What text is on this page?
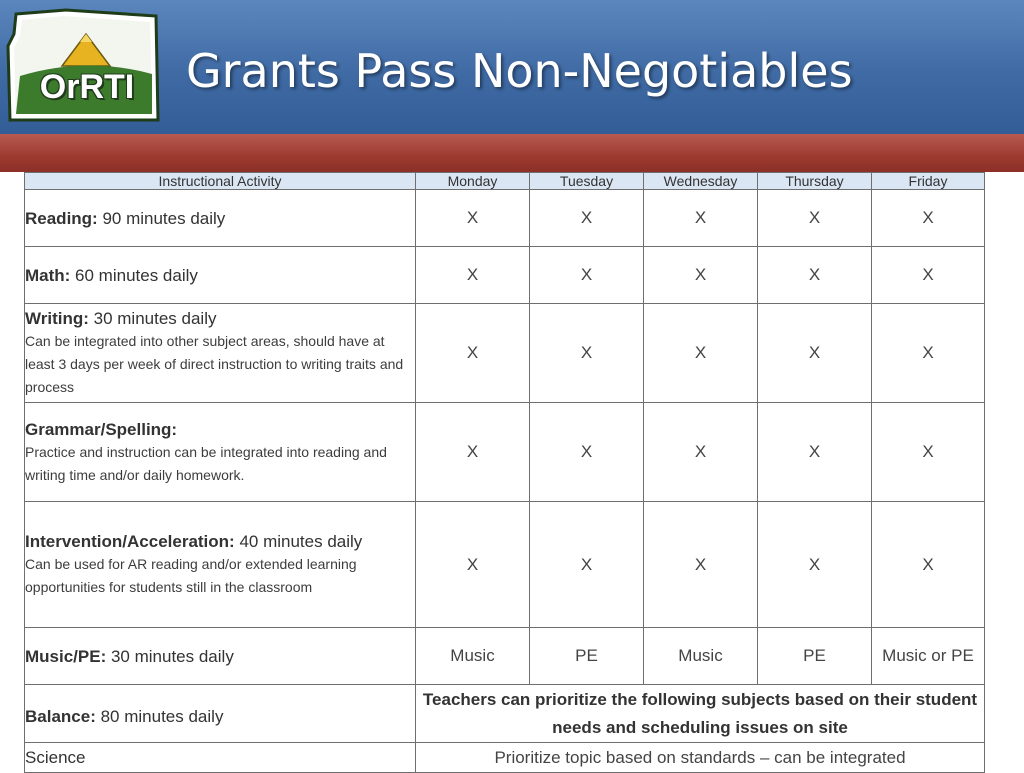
OrRTI	Grants Pass Non-Negotiables
Instructional Activity	Monday	Tuesday	Wednesday	Thursday	Friday

Reading: 90 minutes daily	X	X	X	X	X

Math: 60 minutes daily	X	X	X	X	X

Writing: 30 minutes daily
Can be integrated into other subject areas, should have at least 3 days per week of direct instruction to writing traits and process	X	X	X	X	X

Grammar/Spelling:
Practice and instruction can be integrated into reading and writing time and/or daily homework.	X	X	X	X	X

Intervention/Acceleration: 40 minutes daily
Can be used for AR reading and/or extended learning opportunities for students still in the classroom	X	X	X	X	X

Music/PE: 30 minutes daily	Music	PE	Music	PE	Music or PE

Balance: 80 minutes daily	Teachers can prioritize the following subjects based on their student needs and scheduling issues on site				

Science	Prioritize topic based on standards – can be integrated				
